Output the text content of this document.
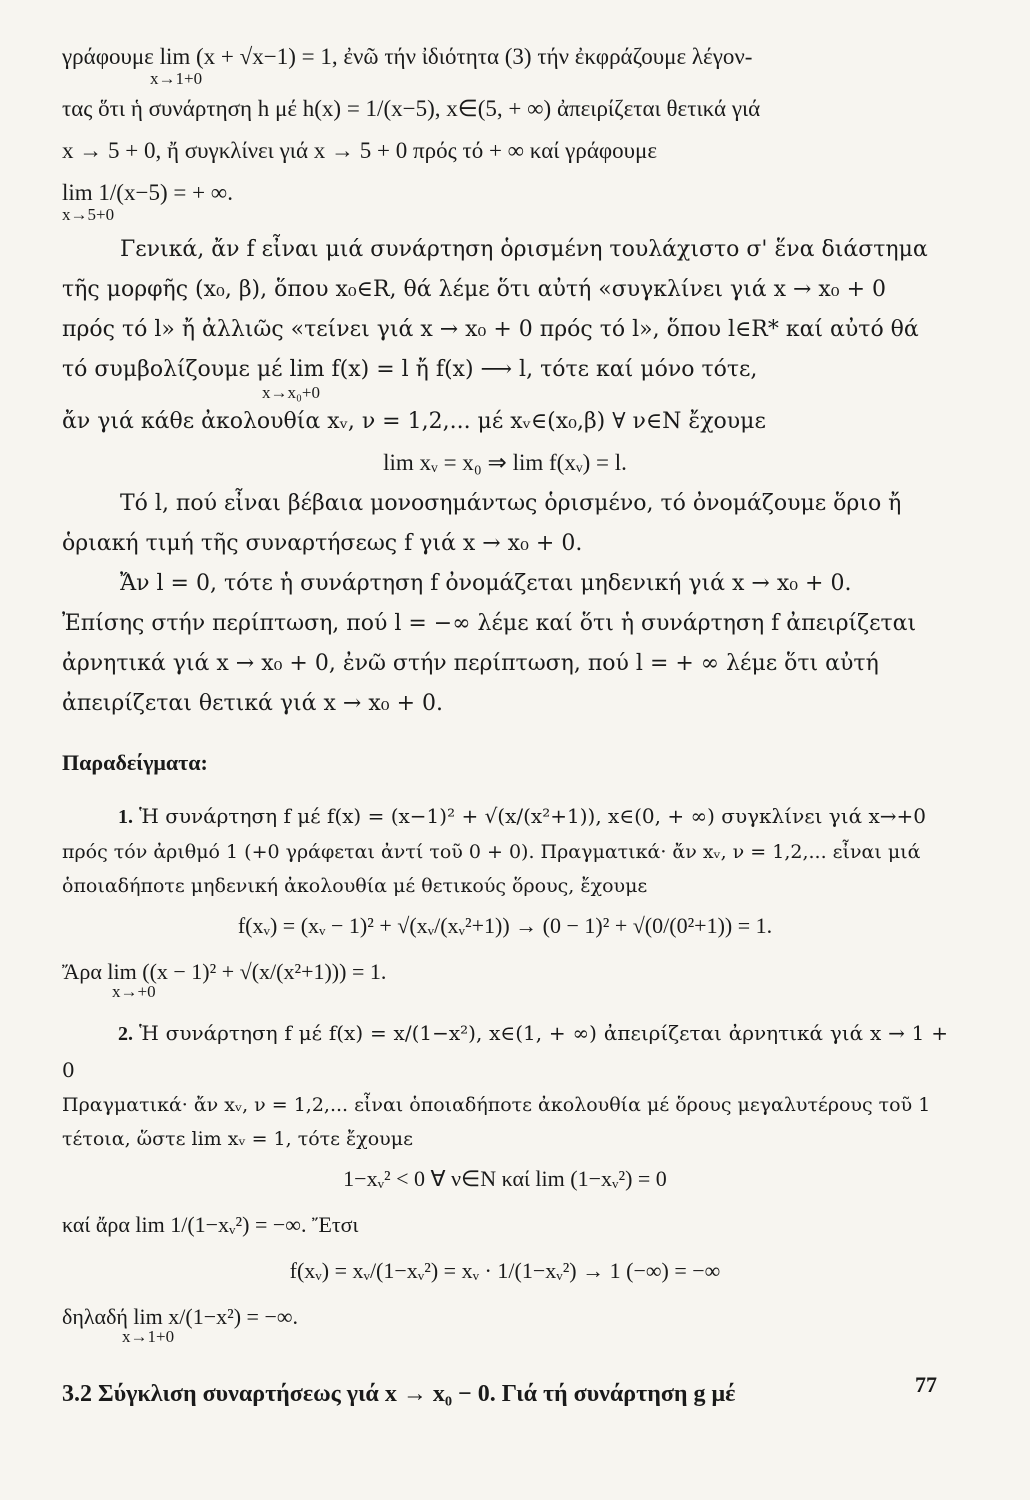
γράφουμε lim (x + √x−1) = 1, ἐνῶ τήν ἰδιότητα (3) τήν ἐκφράζουμε λέγον-

x→1+0

τας ὅτι ἡ συνάρτηση h μέ h(x) = 1/(x−5), x∈(5, + ∞) ἀπειρίζεται θετικά γιά

x → 5 + 0, ἤ συγκλίνει γιά x → 5 + 0 πρός τό + ∞ καί γράφουμε

lim 1/(x−5) = + ∞.

x→5+0

Γενικά, ἄν f εἶναι μιά συνάρτηση ὁρισμένη τουλάχιστο σ' ἕνα διάστημα

τῆς μορφῆς (x₀, β), ὅπου x₀∈R, θά λέμε ὅτι αὐτή «συγκλίνει γιά x → x₀ + 0

πρός τό l» ἤ ἀλλιῶς «τείνει γιά x → x₀ + 0 πρός τό l», ὅπου l∈R* καί αὐτό θά

τό συμβολίζουμε μέ lim f(x) = l ἤ f(x) ⟶ l, τότε καί μόνο τότε,

x→x₀+0

ἄν γιά κάθε ἀκολουθία xᵥ, ν = 1,2,... μέ xᵥ∈(x₀,β) ∀ ν∈N ἔχουμε

lim xᵥ = x₀ ⇒ lim f(xᵥ) = l.

Τό l, πού εἶναι βέβαια μονοσημάντως ὁρισμένο, τό ὀνομάζουμε ὅριο ἤ

ὁριακή τιμή τῆς συναρτήσεως f γιά x → x₀ + 0.

Ἄν l = 0, τότε ἡ συνάρτηση f ὀνομάζεται μηδενική γιά x → x₀ + 0.

Ἐπίσης στήν περίπτωση, πού l = −∞ λέμε καί ὅτι ἡ συνάρτηση f ἀπειρίζεται

ἀρνητικά γιά x → x₀ + 0, ἐνῶ στήν περίπτωση, πού l = + ∞ λέμε ὅτι αὐτή

ἀπειρίζεται θετικά γιά x → x₀ + 0.

Παραδείγματα:

1. Ἡ συνάρτηση f μέ f(x) = (x−1)² + √(x/(x²+1)), x∈(0, + ∞) συγκλίνει γιά x→+0

πρός τόν ἀριθμό 1 (+0 γράφεται ἀντί τοῦ 0 + 0). Πραγματικά· ἄν xᵥ, ν = 1,2,... εἶναι μιά

ὁποιαδήποτε μηδενική ἀκολουθία μέ θετικούς ὅρους, ἔχουμε

f(xᵥ) = (xᵥ − 1)² + √(xᵥ/(xᵥ²+1)) → (0 − 1)² + √(0/(0²+1)) = 1.

Ἄρα lim ((x − 1)² + √(x/(x²+1))) = 1.

x→+0

2. Ἡ συνάρτηση f μέ f(x) = x/(1−x²), x∈(1, + ∞) ἀπειρίζεται ἀρνητικά γιά x → 1 + 0

Πραγματικά· ἄν xᵥ, ν = 1,2,... εἶναι ὁποιαδήποτε ἀκολουθία μέ ὅρους μεγαλυτέρους τοῦ 1

τέτοια, ὥστε lim xᵥ = 1, τότε ἔχουμε

1−xᵥ² < 0 ∀ ν∈N καί lim (1−xᵥ²) = 0

καί ἄρα lim 1/(1−xᵥ²) = −∞. Ἔτσι

f(xᵥ) = xᵥ/(1−xᵥ²) = xᵥ · 1/(1−xᵥ²) → 1 (−∞) = −∞

δηλαδή lim x/(1−x²) = −∞.

x→1+0

3.2 Σύγκλιση συναρτήσεως γιά x → x₀ − 0. Γιά τή συνάρτηση g μέ	77
